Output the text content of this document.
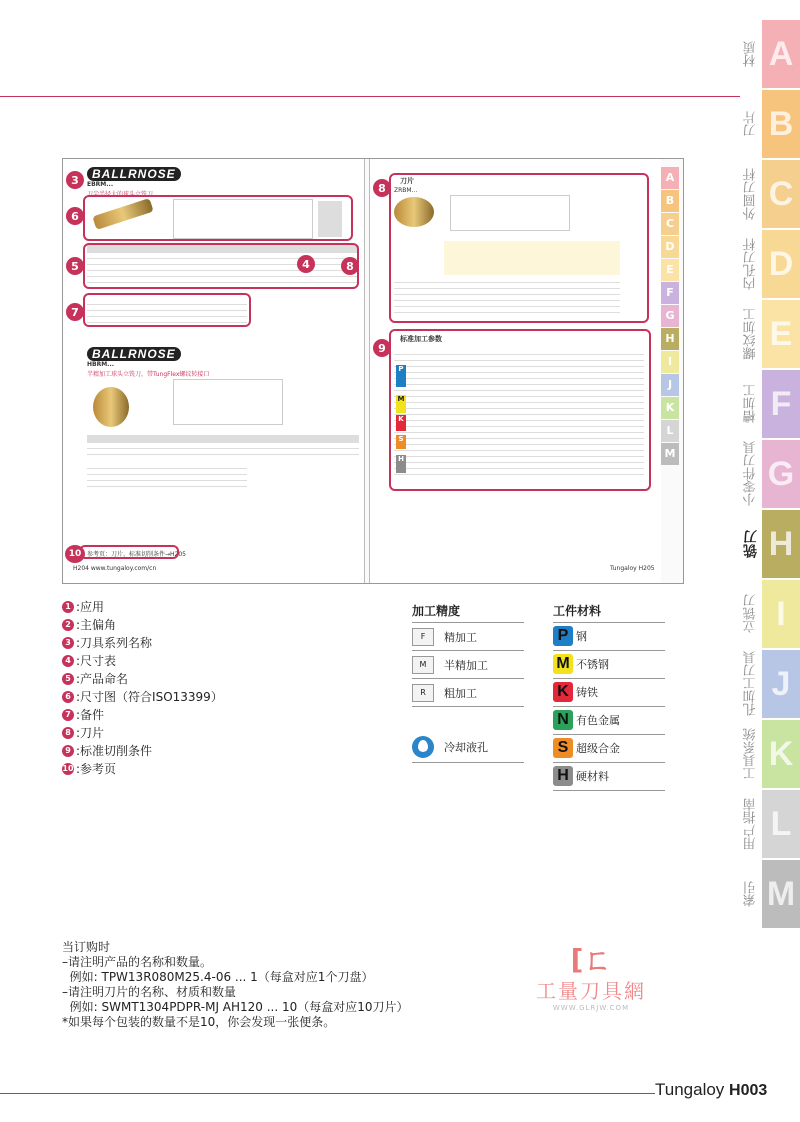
A
B
C
D
E
F
G
H
I
J
K
L
M
BALLRNOSE
EBRM...
刀尖半径大的球头立铣刀
BALLRNOSE
HBRM...
半精加工球头立铣刀，带TungFlex螺纹转接口
参考页：刀片、标准切削条件→H205
H204 www.tungaloy.com/cn
刀片
ZRBM...
标准加工参数
P
M
K
S
H
Tungaloy H205
A
B
C
D
E
F
G
H
I
J
K
L
M
3
6
5
7
4	8
8
9
10
1 :应用
2 :主偏角
3 :刀具系列名称
4 :尺寸表
5 :产品命名
6 :尺寸图（符合ISO13399）
7 :备件
8 :刀片
9 :标准切削条件
10 :参考页
加工精度
F	精加工
M	半精加工
R	粗加工
冷却液孔
工件材料
P 钢
M 不锈钢
K 铸铁
N 有色金属
S 超级合金
H 硬材料
当订购时
–请注明产品的名称和数量。
例如: TPW13R080M25.4-06 ... 1（每盒对应1个刀盘）
–请注明刀片的名称、材质和数量
例如: SWMT1304PDPR-MJ AH120 ... 10（每盒对应10刀片）
*如果每个包装的数量不是10，你会发现一张便条。
[ㄈ
工量刀具網
WWW.GLRJW.COM
Tungaloy H003
材质
刀片
外圆刀杆
内孔刀杆
螺纹加工
槽加工
小零件刀具
铣刀
立铣刀
孔加工刀具
工具系统
用户指南
索引
